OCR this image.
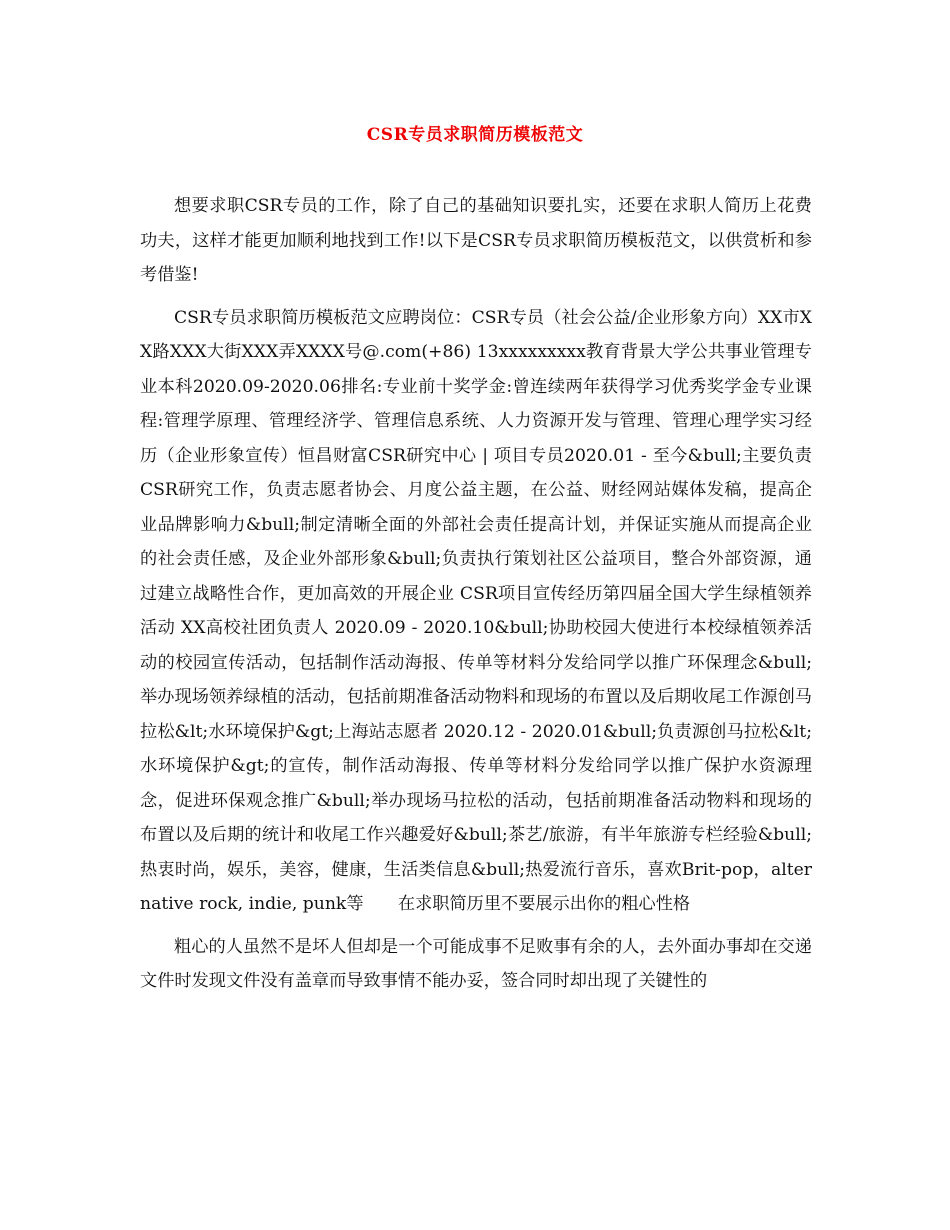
CSR专员求职简历模板范文

想要求职CSR专员的工作，除了自己的基础知识要扎实，还要在求职人简历上花费功夫，这样才能更加顺利地找到工作!以下是CSR专员求职简历模板范文，以供赏析和参考借鉴!

CSR专员求职简历模板范文应聘岗位：CSR专员（社会公益/企业形象方向）XX市XX路XXX大街XXX弄XXXX号@.com(+86) 13xxxxxxxxx教育背景大学公共事业管理专业本科2020.09-2020.06排名:专业前十奖学金:曾连续两年获得学习优秀奖学金专业课程:管理学原理、管理经济学、管理信息系统、人力资源开发与管理、管理心理学实习经历（企业形象宣传）恒昌财富CSR研究中心 | 项目专员2020.01 - 至今&bull;主要负责CSR研究工作，负责志愿者协会、月度公益主题，在公益、财经网站媒体发稿，提高企业品牌影响力&bull;制定清晰全面的外部社会责任提高计划，并保证实施从而提高企业的社会责任感，及企业外部形象&bull;负责执行策划社区公益项目，整合外部资源，通过建立战略性合作，更加高效的开展企业 CSR项目宣传经历第四届全国大学生绿植领养活动 XX高校社团负责人 2020.09 - 2020.10&bull;协助校园大使进行本校绿植领养活动的校园宣传活动，包括制作活动海报、传单等材料分发给同学以推广环保理念&bull;举办现场领养绿植的活动，包括前期准备活动物料和现场的布置以及后期收尾工作源创马拉松&lt;水环境保护&gt;上海站志愿者 2020.12 - 2020.01&bull;负责源创马拉松&lt;水环境保护&gt;的宣传，制作活动海报、传单等材料分发给同学以推广保护水资源理念，促进环保观念推广&bull;举办现场马拉松的活动，包括前期准备活动物料和现场的布置以及后期的统计和收尾工作兴趣爱好&bull;茶艺/旅游，有半年旅游专栏经验&bull;热衷时尚，娱乐，美容，健康，生活类信息&bull;热爱流行音乐，喜欢Brit-pop，alternative rock, indie, punk等　　在求职简历里不要展示出你的粗心性格

粗心的人虽然不是坏人但却是一个可能成事不足败事有余的人，去外面办事却在交递文件时发现文件没有盖章而导致事情不能办妥，签合同时却出现了关键性的
